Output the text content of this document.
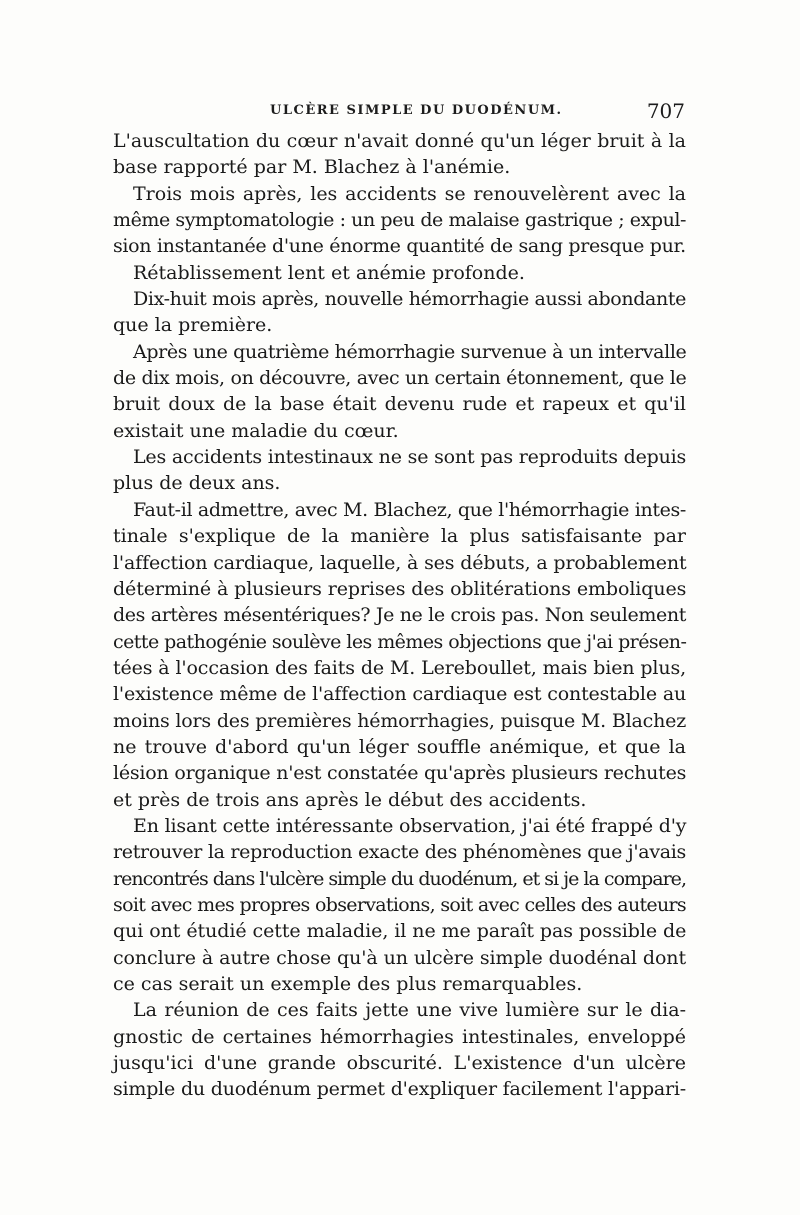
ULCÈRE SIMPLE DU DUODÉNUM.	707

L'auscultation du cœur n'avait donné qu'un léger bruit à la
base rapporté par M. Blachez à l'anémie.

Trois mois après, les accidents se renouvelèrent avec la
même symptomatologie : un peu de malaise gastrique ; expul-
sion instantanée d'une énorme quantité de sang presque pur.

Rétablissement lent et anémie profonde.

Dix-huit mois après, nouvelle hémorrhagie aussi abondante
que la première.

Après une quatrième hémorrhagie survenue à un intervalle
de dix mois, on découvre, avec un certain étonnement, que le
bruit doux de la base était devenu rude et rapeux et qu'il
existait une maladie du cœur.

Les accidents intestinaux ne se sont pas reproduits depuis
plus de deux ans.

Faut-il admettre, avec M. Blachez, que l'hémorrhagie intes-
tinale s'explique de la manière la plus satisfaisante par
l'affection cardiaque, laquelle, à ses débuts, a probablement
déterminé à plusieurs reprises des oblitérations emboliques
des artères mésentériques? Je ne le crois pas. Non seulement
cette pathogénie soulève les mêmes objections que j'ai présen-
tées à l'occasion des faits de M. Lereboullet, mais bien plus,
l'existence même de l'affection cardiaque est contestable au
moins lors des premières hémorrhagies, puisque M. Blachez
ne trouve d'abord qu'un léger souffle anémique, et que la
lésion organique n'est constatée qu'après plusieurs rechutes
et près de trois ans après le début des accidents.

En lisant cette intéressante observation, j'ai été frappé d'y
retrouver la reproduction exacte des phénomènes que j'avais
rencontrés dans l'ulcère simple du duodénum, et si je la compare,
soit avec mes propres observations, soit avec celles des auteurs
qui ont étudié cette maladie, il ne me paraît pas possible de
conclure à autre chose qu'à un ulcère simple duodénal dont
ce cas serait un exemple des plus remarquables.

La réunion de ces faits jette une vive lumière sur le dia-
gnostic de certaines hémorrhagies intestinales, enveloppé
jusqu'ici d'une grande obscurité. L'existence d'un ulcère
simple du duodénum permet d'expliquer facilement l'appari-
